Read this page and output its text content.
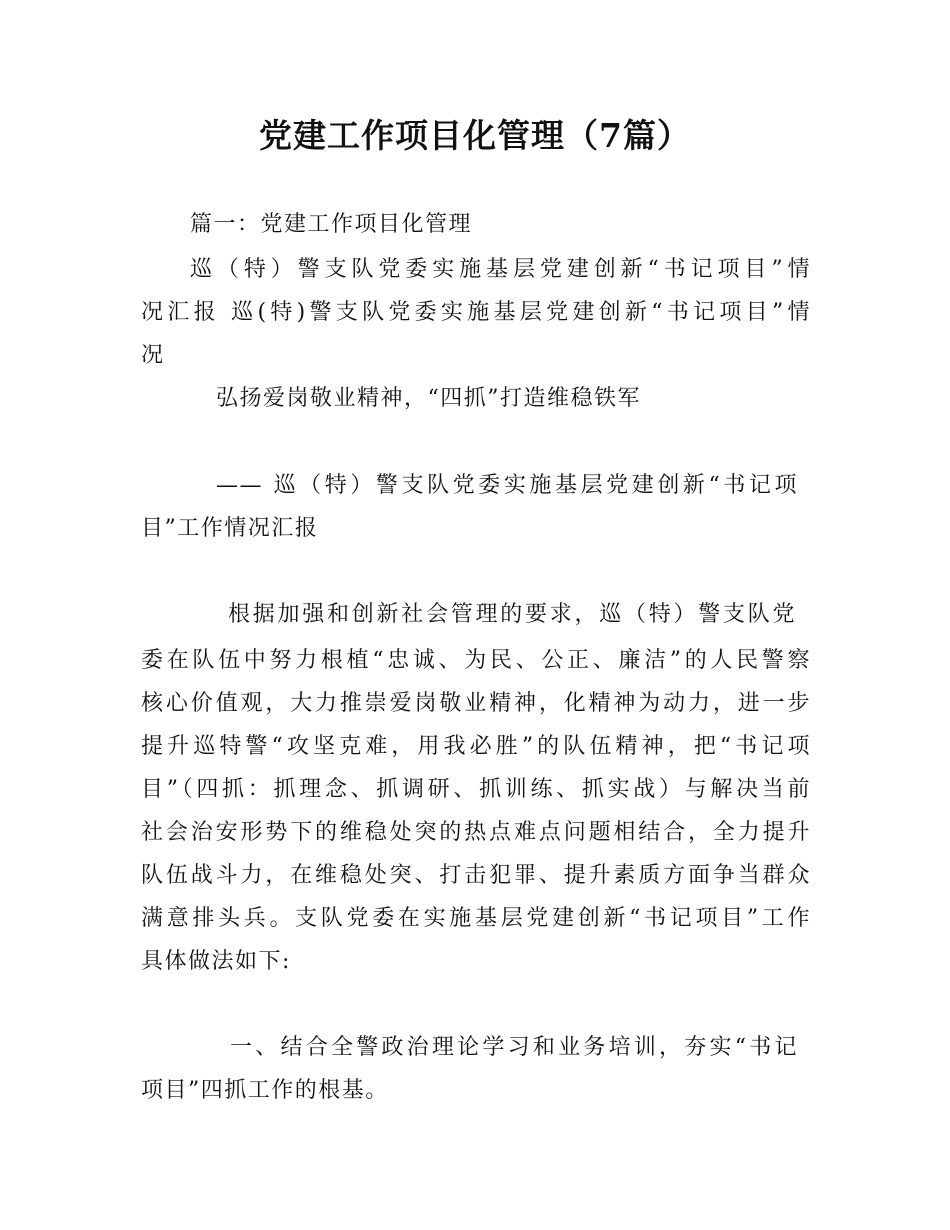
党建工作项目化管理（7篇）
篇一：党建工作项目化管理
巡（特）警支队党委实施基层党建创新“书记项目”情
况汇报 巡(特)警支队党委实施基层党建创新“书记项目”情
况
弘扬爱岗敬业精神，“四抓”打造维稳铁军
—— 巡（特）警支队党委实施基层党建创新“书记项
目”工作情况汇报
根据加强和创新社会管理的要求，巡（特）警支队党
委在队伍中努力根植“忠诚、为民、公正、廉洁”的人民警察
核心价值观，大力推崇爱岗敬业精神，化精神为动力，进一步
提升巡特警“攻坚克难，用我必胜”的队伍精神，把“书记项
目”（四抓：抓理念、抓调研、抓训练、抓实战）与解决当前
社会治安形势下的维稳处突的热点难点问题相结合，全力提升
队伍战斗力，在维稳处突、打击犯罪、提升素质方面争当群众
满意排头兵。支队党委在实施基层党建创新“书记项目”工作
具体做法如下:
一、结合全警政治理论学习和业务培训，夯实“书记
项目”四抓工作的根基。
